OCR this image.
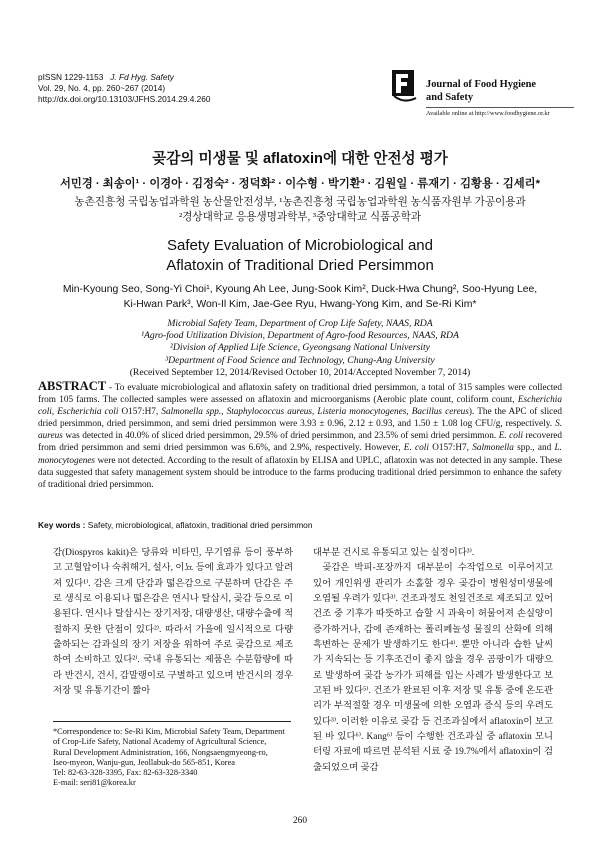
pISSN 1229-1153 J. Fd Hyg. Safety
Vol. 29, No. 4, pp. 260~267 (2014)
http://dx.doi.org/10.13103/JFHS.2014.29.4.260
Journal of Food Hygiene
and Safety
Available online at http://www.foodhygiene.or.kr
곶감의 미생물 및 aflatoxin에 대한 안전성 평가
서민경 · 최송이¹ · 이경아 · 김정숙² · 정덕화² · 이수형 · 박기환³ · 김원일 · 류재기 · 김황용 · 김세리*
농촌진흥청 국립농업과학원 농산물안전성부, ¹농촌진흥청 국립농업과학원 농식품자원부 가공이용과
²경상대학교 응용생명과학부, ³중앙대학교 식품공학과
Safety Evaluation of Microbiological and
Aflatoxin of Traditional Dried Persimmon
Min-Kyoung Seo, Song-Yi Choi¹, Kyoung Ah Lee, Jung-Sook Kim², Duck-Hwa Chung², Soo-Hyung Lee,
Ki-Hwan Park³, Won-Il Kim, Jae-Gee Ryu, Hwang-Yong Kim, and Se-Ri Kim*
Microbial Safety Team, Department of Crop Life Safety, NAAS, RDA
¹Agro-food Utilization Division, Department of Agro-food Resources, NAAS, RDA
²Division of Applied Life Science, Gyeongsang National University
³Department of Food Science and Technology, Chung-Ang University
(Received September 12, 2014/Revised October 10, 2014/Accepted November 7, 2014)
ABSTRACT - To evaluate microbiological and aflatoxin safety on traditional dried persimmon, a total of 315 samples were collected from 105 farms. The collected samples were assessed on aflatoxin and microorganisms (Aerobic plate count, coliform count, Escherichia coli, Escherichia coli O157:H7, Salmonella spp., Staphylococcus aureus, Listeria monocytogenes, Bacillus cereus). The the APC of sliced dried persimmon, dried persimmon, and semi dried persimmon were 3.93 ± 0.96, 2.12 ± 0.93, and 1.50 ± 1.08 log CFU/g, respectively. S. aureus was detected in 40.0% of sliced dried persimmon, 29.5% of dried persimmon, and 23.5% of semi dried persimmon. E. coli recovered from dried persimmon and semi dried persimmon was 6.6%, and 2.9%, respectively. However, E. coli O157:H7, Salmonella spp., and L. monocytogenes were not detected. According to the result of aflatoxin by ELISA and UPLC, aflatoxin was not detected in any sample. These data suggested that safety management system should be introduce to the farms producing traditional dried persimmon to enhance the safety of traditional dried persimmon.
Key words : Safety, microbiological, aflatoxin, traditional dried persimmon
감(Diospyros kakit)은 당류와 비타민, 무기염류 등이 풍부하고 고혈압이나 숙취해거, 설사, 이뇨 등에 효과가 있다고 알려져 있다¹⁾. 감은 크게 단감과 떫은감으로 구분하며 단감은 주로 생식로 이용되나 떫은감은 연시나 탈삽시, 곶감 등으로 이용된다. 연시나 탈삽시는 장기저장, 대량생산, 대량수출에 적절하지 못한 단점이 있다²⁾. 따라서 가을에 일시적으로 다량 출하되는 감과실의 장기 저장을 위하여 주로 곶감으로 제조하여 소비하고 있다²⁾. 국내 유통되는 제품은 수분함량에 따라 반건시, 건시, 감말랭이로 구별하고 있으며 반건시의 경우 저장 및 유통기간이 짧아
대부분 건시로 유통되고 있는 실정이다³⁾.
곶감은 박피-포장까지 대부분이 수작업으로 이루어지고 있어 개인위생 관리가 소홀할 경우 곶감이 병원성미생물에 오염될 우려가 있다³⁾. 건조과정도 천일건조로 제조되고 있어 건조 중 기후가 따뜻하고 습할 시 과육이 허물어져 손실양이 증가하거나, 감에 존재하는 폴리페놀성 물질의 산화에 의해 흑변하는 문제가 발생하기도 한다⁴⁾. 뿐만 아니라 습한 날씨가 지속되는 등 기후조건이 좋지 않을 경우 곰팡이가 대량으로 발생하여 곶감 농가가 피해를 입는 사례가 발생한다고 보고된 바 있다⁵⁾. 건조가 완료된 이후 저장 및 유통 중에 온도관리가 부적절할 경우 미생물에 의한 오염과 증식 등의 우려도 있다³⁾. 이러한 이유로 곶감 등 건조과실에서 aflatoxin이 보고된 바 있다⁶⁾. Kang⁶⁾ 등이 수행한 건조과실 중 aflatoxin 모니터링 자료에 따르면 분석된 시료 중 19.7%에서 aflatoxin이 검출되었으며 곶감
*Correspondence to: Se-Ri Kim, Microbial Safety Team, Department
of Crop-Life Safety, National Academy of Agricultural Science,
Rural Development Administration, 166, Nongsaengmyeong-ro,
Iseo-myeon, Wanju-gun, Jeollabuk-do 565-851, Korea
Tel: 82-63-328-3395, Fax: 82-63-328-3340
E-mail: seri81@korea.kr
260
